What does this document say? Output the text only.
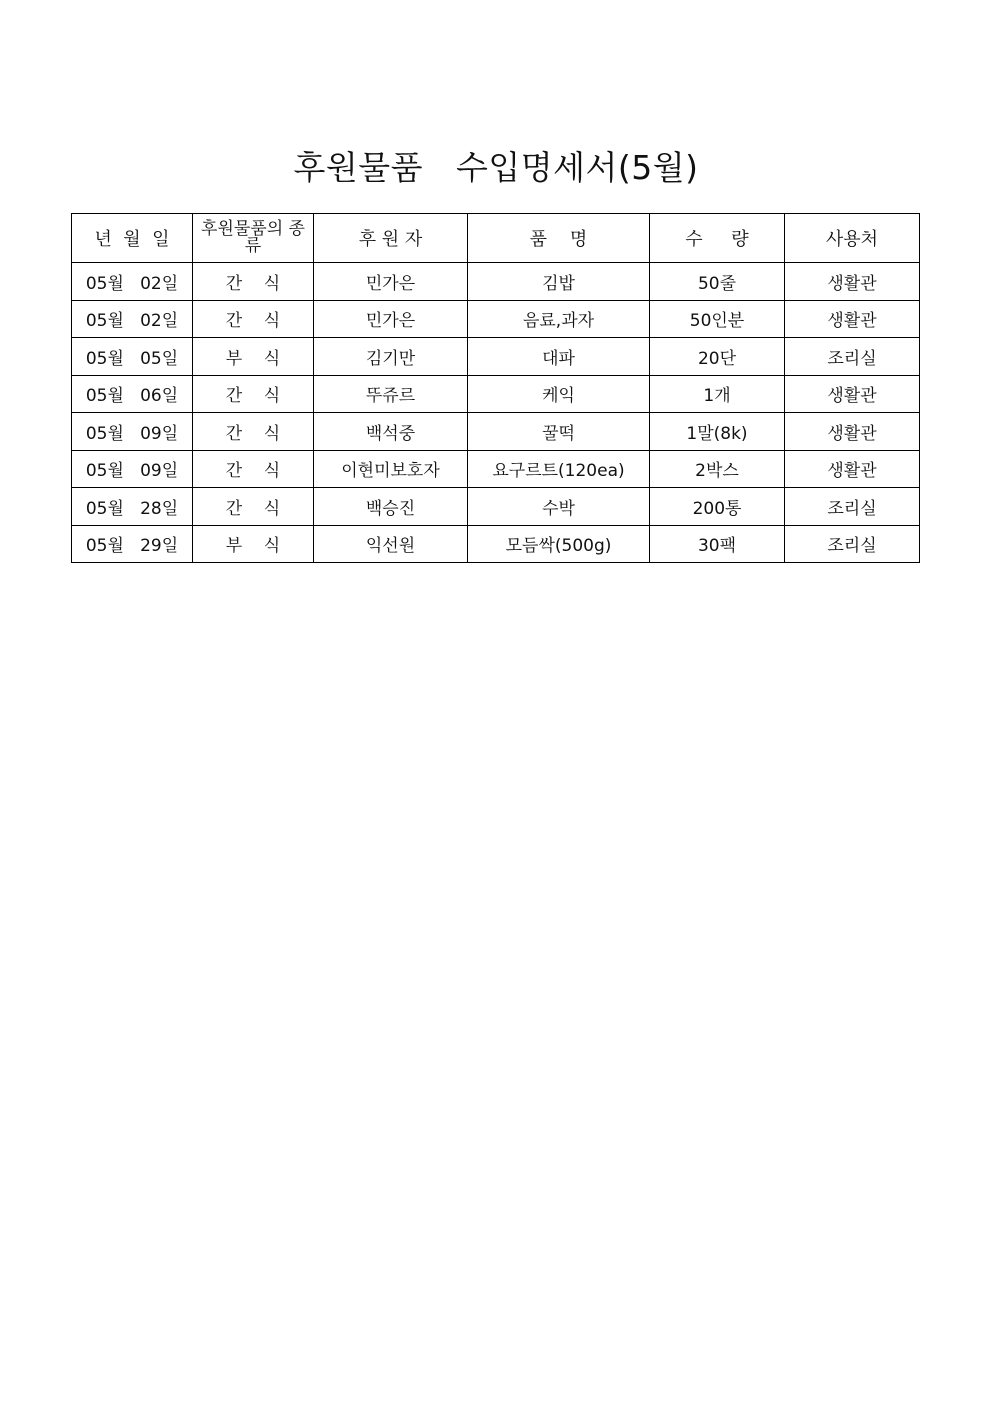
후원물품   수입명세서(5월)
년  월  일	후원물품의 종류	후 원 자	품    명	수     량	사용처
05월   02일	간    식	민가은	김밥	50줄	생활관
05월   02일	간    식	민가은	음료,과자	50인분	생활관
05월   05일	부    식	김기만	대파	20단	조리실
05월   06일	간    식	뚜쥬르	케익	1개	생활관
05월   09일	간    식	백석중	꿀떡	1말(8k)	생활관
05월   09일	간    식	이현미보호자	요구르트(120ea)	2박스	생활관
05월   28일	간    식	백승진	수박	200통	조리실
05월   29일	부    식	익선원	모듬싹(500g)	30팩	조리실
